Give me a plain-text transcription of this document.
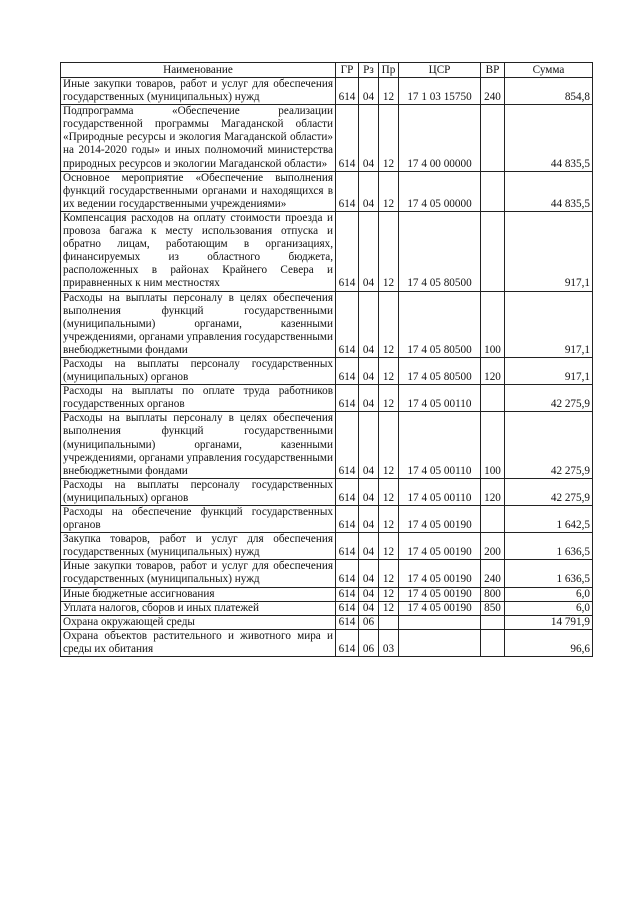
Наименование	ГР	Рз	Пр	ЦСР	ВР	Сумма
Иные закупки товаров, работ и услуг для обеспечения государственных (муниципальных) нужд	614	04	12	17 1 03 15750	240	854,8
Подпрограмма «Обеспечение реализации государственной программы Магаданской области «Природные ресурсы и экология Магаданской области» на 2014-2020 годы» и иных полномочий министерства природных ресурсов и экологии Магаданской области»	614	04	12	17 4 00 00000		44 835,5
Основное мероприятие «Обеспечение выполнения функций государственными органами и находящихся в их ведении государственными учреждениями»	614	04	12	17 4 05 00000		44 835,5
Компенсация расходов на оплату стоимости проезда и провоза багажа к месту использования отпуска и обратно лицам, работающим в организациях, финансируемых из областного бюджета, расположенных в районах Крайнего Севера и приравненных к ним местностях	614	04	12	17 4 05 80500		917,1
Расходы на выплаты персоналу в целях обеспечения выполнения функций государственными (муниципальными) органами, казенными учреждениями, органами управления государственными внебюджетными фондами	614	04	12	17 4 05 80500	100	917,1
Расходы на выплаты персоналу государственных (муниципальных) органов	614	04	12	17 4 05 80500	120	917,1
Расходы на выплаты по оплате труда работников государственных органов	614	04	12	17 4 05 00110		42 275,9
Расходы на выплаты персоналу в целях обеспечения выполнения функций государственными (муниципальными) органами, казенными учреждениями, органами управления государственными внебюджетными фондами	614	04	12	17 4 05 00110	100	42 275,9
Расходы на выплаты персоналу государственных (муниципальных) органов	614	04	12	17 4 05 00110	120	42 275,9
Расходы на обеспечение функций государственных органов	614	04	12	17 4 05 00190		1 642,5
Закупка товаров, работ и услуг для обеспечения государственных (муниципальных) нужд	614	04	12	17 4 05 00190	200	1 636,5
Иные закупки товаров, работ и услуг для обеспечения государственных (муниципальных) нужд	614	04	12	17 4 05 00190	240	1 636,5
Иные бюджетные ассигнования	614	04	12	17 4 05 00190	800	6,0
Уплата налогов, сборов и иных платежей	614	04	12	17 4 05 00190	850	6,0
Охрана окружающей среды	614	06				14 791,9
Охрана объектов растительного и животного мира и среды их обитания	614	06	03			96,6
